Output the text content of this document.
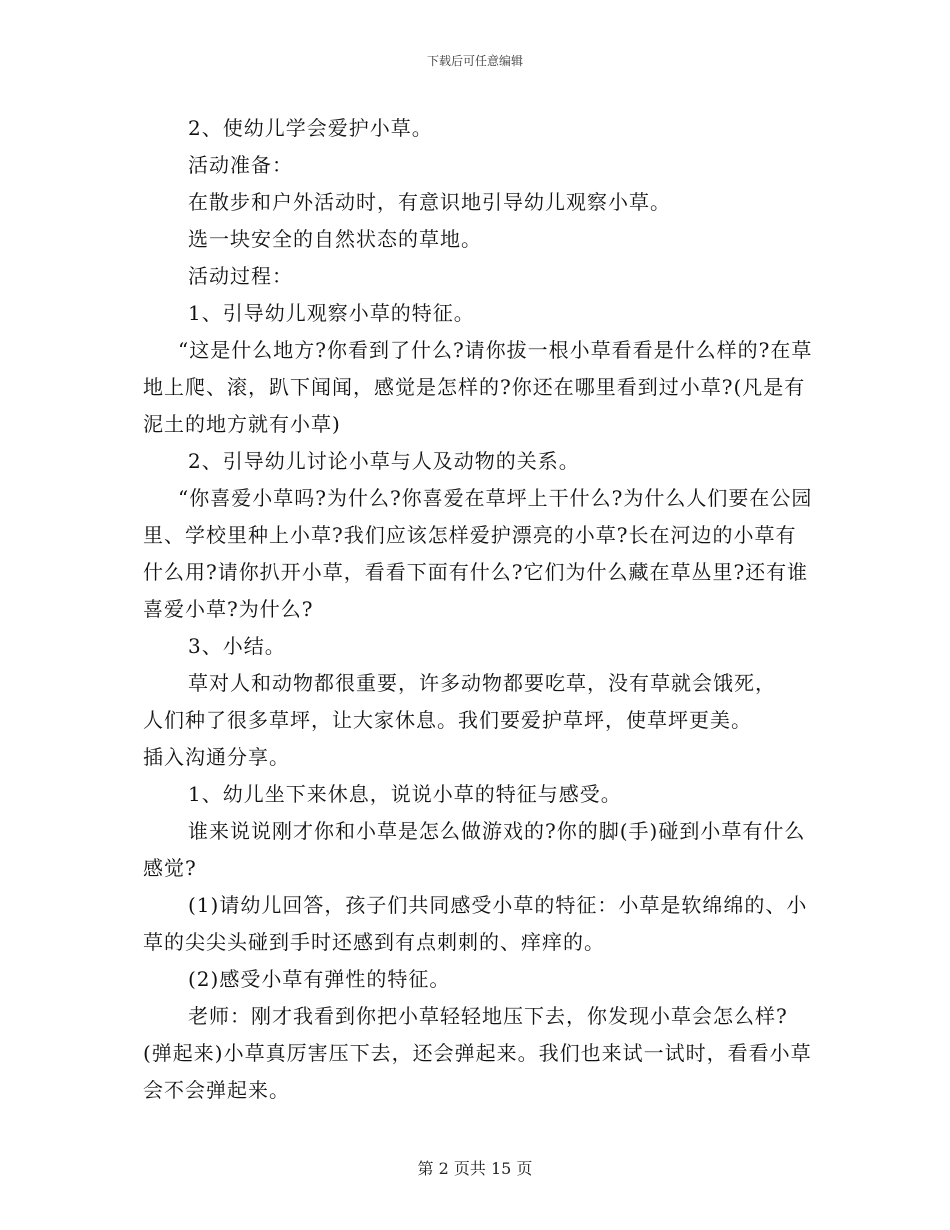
下载后可任意编辑

2、使幼儿学会爱护小草。

活动准备：

在散步和户外活动时，有意识地引导幼儿观察小草。

选一块安全的自然状态的草地。

活动过程：

1、引导幼儿观察小草的特征。

“这是什么地方?你看到了什么?请你拔一根小草看看是什么样的?在草地上爬、滚，趴下闻闻，感觉是怎样的?你还在哪里看到过小草?(凡是有泥土的地方就有小草)

2、引导幼儿讨论小草与人及动物的关系。

“你喜爱小草吗?为什么?你喜爱在草坪上干什么?为什么人们要在公园里、学校里种上小草?我们应该怎样爱护漂亮的小草?长在河边的小草有什么用?请你扒开小草，看看下面有什么?它们为什么藏在草丛里?还有谁喜爱小草?为什么?

3、小结。

草对人和动物都很重要，许多动物都要吃草，没有草就会饿死，

人们种了很多草坪，让大家休息。我们要爱护草坪，使草坪更美。

插入沟通分享。

1、幼儿坐下来休息，说说小草的特征与感受。

谁来说说刚才你和小草是怎么做游戏的?你的脚(手)碰到小草有什么感觉?

(1)请幼儿回答，孩子们共同感受小草的特征：小草是软绵绵的、小草的尖尖头碰到手时还感到有点刺刺的、痒痒的。

(2)感受小草有弹性的特征。

老师：刚才我看到你把小草轻轻地压下去，你发现小草会怎么样?(弹起来)小草真厉害压下去，还会弹起来。我们也来试一试时，看看小草会不会弹起来。

第 2 页共 15 页
